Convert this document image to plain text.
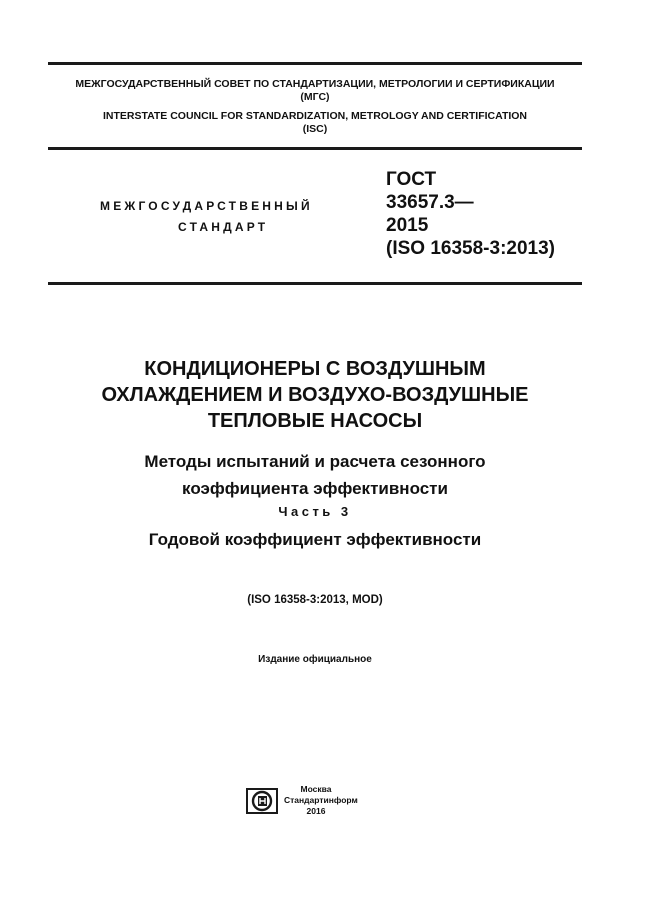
МЕЖГОСУДАРСТВЕННЫЙ СОВЕТ ПО СТАНДАРТИЗАЦИИ, МЕТРОЛОГИИ И СЕРТИФИКАЦИИ
(МГС)
INTERSTATE COUNCIL FOR STANDARDIZATION, METROLOGY AND CERTIFICATION
(ISC)
МЕЖГОСУДАРСТВЕННЫЙ
СТАНДАРТ
ГОСТ
33657.3—
2015
(ISO 16358-3:2013)
КОНДИЦИОНЕРЫ С ВОЗДУШНЫМ
ОХЛАЖДЕНИЕМ И ВОЗДУХО-ВОЗДУШНЫЕ
ТЕПЛОВЫЕ НАСОСЫ
Методы испытаний и расчета сезонного
коэффициента эффективности
Часть 3
Годовой коэффициент эффективности
(ISO 16358-3:2013, MOD)
Издание официальное
Москва
Стандартинформ
2016
